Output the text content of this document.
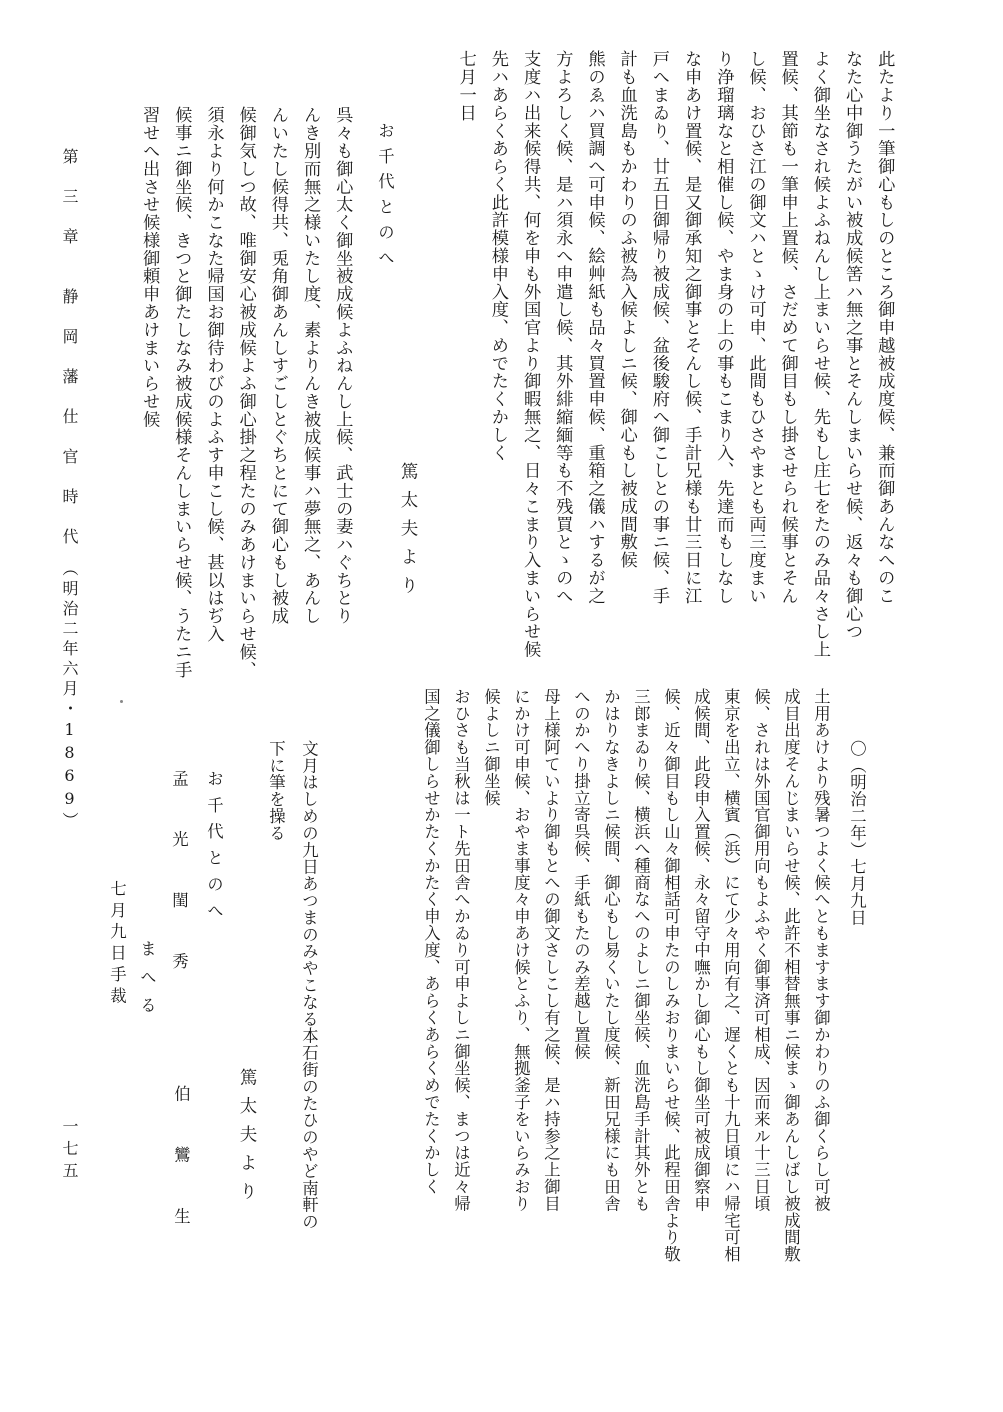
此たより一筆御心もしのところ御申越被成度候、兼而御あんなへのこ

なた心中御うたがい被成候筈ハ無之事とそんしまいらせ候、返々も御心つ

よく御坐なされ候よふねんし上まいらせ候、先もし庄七をたのみ品々さし上

置候、其節も一筆申上置候、さだめて御目もし掛させられ候事とそん

し候、おひさ江の御文ハとゝけ可申、此間もひさやまとも両三度まい

り浄瑠璃なと相催し候、やま身の上の事もこまり入、先達而もしなし

な申あけ置候、是又御承知之御事とそんし候、手計兄様も廿三日に江

戸へまゐり、廿五日御帰り被成候、盆後駿府へ御こしとの事ニ候、手

計も血洗島もかわりのふ被為入候よしニ候、御心もし被成間敷候

熊のゑハ買調へ可申候、絵艸紙も品々買置申候、重箱之儀ハするが之

方よろしく候、是ハ須永へ申遣し候、其外緋縮緬等も不残買とゝのへ

支度ハ出来候得共、何を申も外国官より御暇無之、日々こまり入まいらせ候

先ハあらくあらく此許模様申入度、めでたくかしく

七月一日

篤太夫より

お千代とのへ

呉々も御心太く御坐被成候よふねんし上候、武士の妻ハぐちとり

んき別而無之様いたし度、素よりんき被成候事ハ夢無之、あんし

んいたし候得共、兎角御あんしすごしとぐちとにて御心もし被成

候御気しつ故、唯御安心被成候よふ御心掛之程たのみあけまいらせ候、

須永より何かこなた帰国お御待わびのよふす申こし候、甚以はぢ入

候事ニ御坐候、きつと御たしなみ被成候様そんしまいらせ候、うたニ手

習せへ出させ候様御頼申あけまいらせ候

第　三　章　　静　岡　藩　仕　官　時　代　（明治二年六月・1869）

〇（明治二年）七月九日

土用あけより残暑つよく候へともますます御かわりのふ御くらし可被

成目出度そんじまいらせ候、此許不相替無事ニ候まゝ御あんしばし被成間敷

候、されは外国官御用向もよふやく御事済可相成、因而来ル十三日頃

東京を出立、横賓（浜）にて少々用向有之、遅くとも十九日頃にハ帰宅可相

成候間、此段申入置候、永々留守中嘸かし御心もし御坐可被成御察申

候、近々御目もし山々御相話可申たのしみおりまいらせ候、此程田舎より敬

三郎まゐり候、横浜へ種商なへのよしニ御坐候、血洗島手計其外とも

かはりなきよしニ候間、御心もし易くいたし度候、新田兄様にも田舎

へのかへり掛立寄呉候、手紙もたのみ差越し置候

母上様阿ていより御もとへの御文さしこし有之候、是ハ持参之上御目

にかけ可申候、おやま事度々申あけ候とふり、無拠釜子をいらみおり

候よしニ御坐候

おひさも当秋は一ト先田舎へかゐり可申よしニ御坐候、まつは近々帰

国之儀御しらせかたくかたく申入度、あらくあらくめでたくかしく

篤太夫より	文月はしめの九日あつまのみやこなる本石街のたひのやど南軒の

下に筆を操る

お千代とのへ

孟　光　閨　秀

まへる

七月九日手裁

伯　　鸞　　生

一七五
